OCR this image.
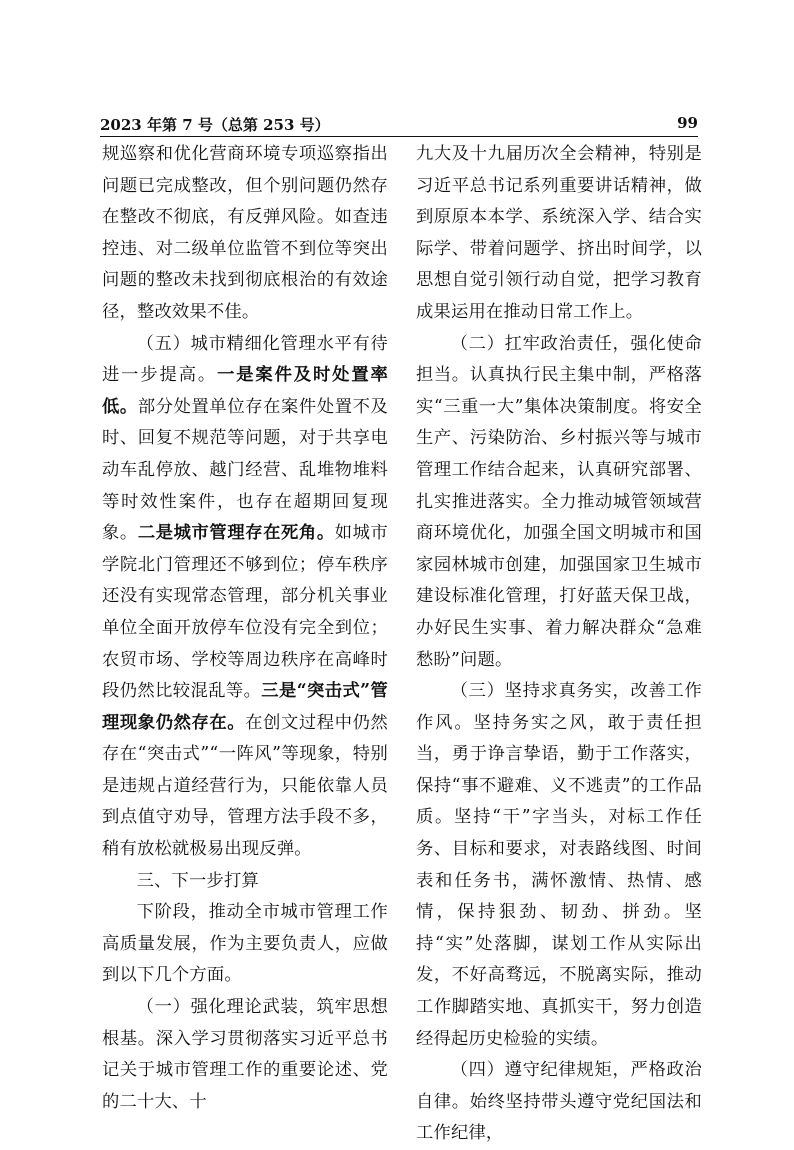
2023 年第 7 号（总第 253 号）	99

规巡察和优化营商环境专项巡察指出问题已完成整改，但个别问题仍然存在整改不彻底，有反弹风险。如查违控违、对二级单位监管不到位等突出问题的整改未找到彻底根治的有效途径，整改效果不佳。

（五）城市精细化管理水平有待进一步提高。一是案件及时处置率低。部分处置单位存在案件处置不及时、回复不规范等问题，对于共享电动车乱停放、越门经营、乱堆物堆料等时效性案件，也存在超期回复现象。二是城市管理存在死角。如城市学院北门管理还不够到位；停车秩序还没有实现常态管理，部分机关事业单位全面开放停车位没有完全到位；农贸市场、学校等周边秩序在高峰时段仍然比较混乱等。三是“突击式”管理现象仍然存在。在创文过程中仍然存在“突击式”“一阵风”等现象，特别是违规占道经营行为，只能依靠人员到点值守劝导，管理方法手段不多，稍有放松就极易出现反弹。

三、下一步打算

下阶段，推动全市城市管理工作高质量发展，作为主要负责人，应做到以下几个方面。

（一）强化理论武装，筑牢思想根基。深入学习贯彻落实习近平总书记关于城市管理工作的重要论述、党的二十大、十

九大及十九届历次全会精神，特别是习近平总书记系列重要讲话精神，做到原原本本学、系统深入学、结合实际学、带着问题学、挤出时间学，以思想自觉引领行动自觉，把学习教育成果运用在推动日常工作上。

（二）扛牢政治责任，强化使命担当。认真执行民主集中制，严格落实“三重一大”集体决策制度。将安全生产、污染防治、乡村振兴等与城市管理工作结合起来，认真研究部署、扎实推进落实。全力推动城管领域营商环境优化，加强全国文明城市和国家园林城市创建，加强国家卫生城市建设标准化管理，打好蓝天保卫战，办好民生实事、着力解决群众“急难愁盼”问题。

（三）坚持求真务实，改善工作作风。坚持务实之风，敢于责任担当，勇于诤言挚语，勤于工作落实，保持“事不避难、义不逃责”的工作品质。坚持“干”字当头，对标工作任务、目标和要求，对表路线图、时间表和任务书，满怀激情、热情、感情，保持狠劲、韧劲、拼劲。坚持“实”处落脚，谋划工作从实际出发，不好高骛远，不脱离实际，推动工作脚踏实地、真抓实干，努力创造经得起历史检验的实绩。

（四）遵守纪律规矩，严格政治自律。始终坚持带头遵守党纪国法和工作纪律，
